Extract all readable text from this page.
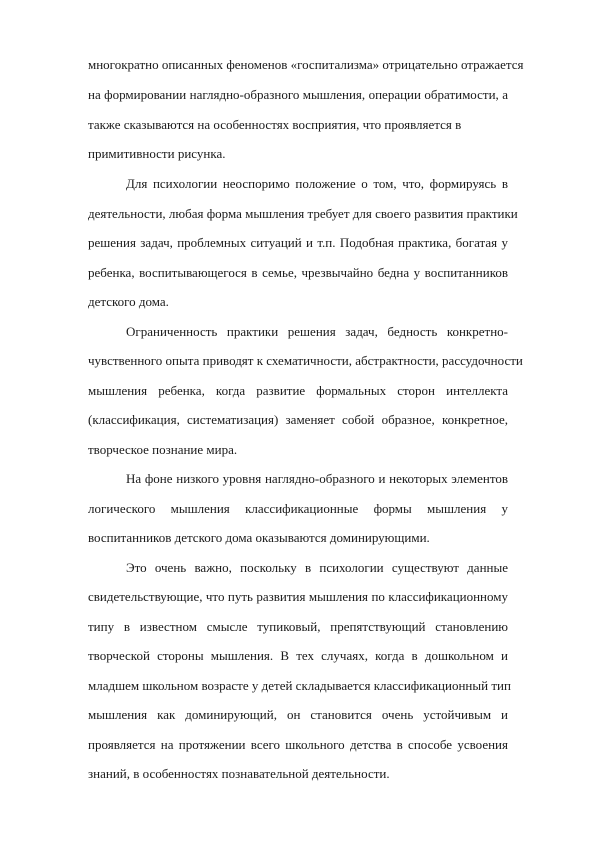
многократно описанных феноменов «госпитализма» отрицательно отражается
на формировании наглядно-образного мышления, операции обратимости, а
также сказываются на особенностях восприятия, что проявляется в
примитивности рисунка.
Для психологии неоспоримо положение о том, что, формируясь в
деятельности, любая форма мышления требует для своего развития практики
решения задач, проблемных ситуаций и т.п. Подобная практика, богатая у
ребенка, воспитывающегося в семье, чрезвычайно бедна у воспитанников
детского дома.
Ограниченность практики решения задач, бедность конкретно-
чувственного опыта приводят к схематичности, абстрактности, рассудочности
мышления ребенка, когда развитие формальных сторон интеллекта
(классификация, систематизация) заменяет собой образное, конкретное,
творческое познание мира.
На фоне низкого уровня наглядно-образного и некоторых элементов
логического мышления классификационные формы мышления у
воспитанников детского дома оказываются доминирующими.
Это очень важно, поскольку в психологии существуют данные
свидетельствующие, что путь развития мышления по классификационному
типу в известном смысле тупиковый, препятствующий становлению
творческой стороны мышления. В тех случаях, когда в дошкольном и
младшем школьном возрасте у детей складывается классификационный тип
мышления как доминирующий, он становится очень устойчивым и
проявляется на протяжении всего школьного детства в способе усвоения
знаний, в особенностях познавательной деятельности.
